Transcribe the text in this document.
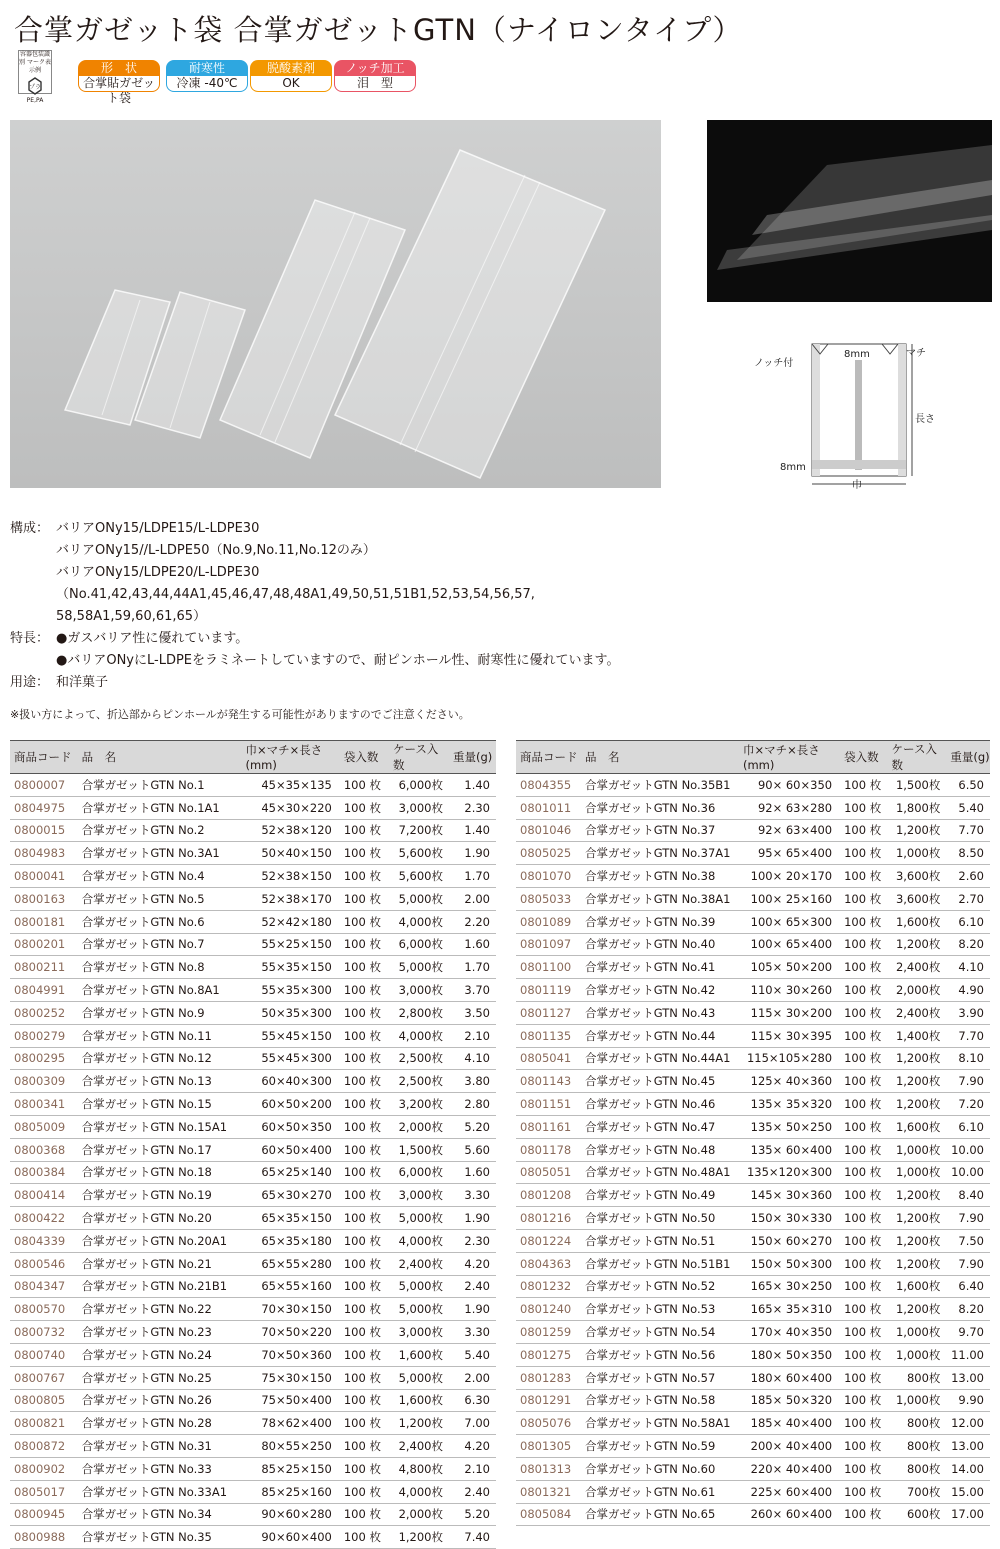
合掌ガゼット袋 合掌ガゼットGTN（ナイロンタイプ）
容器包装識別 マーク表示例
プラ
PE,PA
形　状
合掌貼ガゼット袋
耐寒性
冷凍 -40℃
脱酸素剤
OK
ノッチ加工
泪　型
ノッチ付
8mm	マチ
長さ
8mm
巾
構成： バリアONy15/LDPE15/L-LDPE30
バリアONy15//L-LDPE50（No.9,No.11,No.12のみ）
バリアONy15/LDPE20/L-LDPE30
（No.41,42,43,44,44A1,45,46,47,48,48A1,49,50,51,51B1,52,53,54,56,57,
58,58A1,59,60,61,65）
特長： ●ガスバリア性に優れています。
●バリアONyにL-LDPEをラミネートしていますので、耐ピンホール性、耐寒性に優れています。
用途： 和洋菓子
※扱い方によって、折込部からピンホールが発生する可能性がありますのでご注意ください。
商品コード	品　名	巾×マチ×長さ(mm)	袋入数	ケース入数	重量(g)
0800007	合掌ガゼットGTN No.1	45×35×135	100 枚	6,000枚	1.40
0804975	合掌ガゼットGTN No.1A1	45×30×220	100 枚	3,000枚	2.30
0800015	合掌ガゼットGTN No.2	52×38×120	100 枚	7,200枚	1.40
0804983	合掌ガゼットGTN No.3A1	50×40×150	100 枚	5,600枚	1.90
0800041	合掌ガゼットGTN No.4	52×38×150	100 枚	5,600枚	1.70
0800163	合掌ガゼットGTN No.5	52×38×170	100 枚	5,000枚	2.00
0800181	合掌ガゼットGTN No.6	52×42×180	100 枚	4,000枚	2.20
0800201	合掌ガゼットGTN No.7	55×25×150	100 枚	6,000枚	1.60
0800211	合掌ガゼットGTN No.8	55×35×150	100 枚	5,000枚	1.70
0804991	合掌ガゼットGTN No.8A1	55×35×300	100 枚	3,000枚	3.70
0800252	合掌ガゼットGTN No.9	50×35×300	100 枚	2,800枚	3.50
0800279	合掌ガゼットGTN No.11	55×45×150	100 枚	4,000枚	2.10
0800295	合掌ガゼットGTN No.12	55×45×300	100 枚	2,500枚	4.10
0800309	合掌ガゼットGTN No.13	60×40×300	100 枚	2,500枚	3.80
0800341	合掌ガゼットGTN No.15	60×50×200	100 枚	3,200枚	2.80
0805009	合掌ガゼットGTN No.15A1	60×50×350	100 枚	2,000枚	5.20
0800368	合掌ガゼットGTN No.17	60×50×400	100 枚	1,500枚	5.60
0800384	合掌ガゼットGTN No.18	65×25×140	100 枚	6,000枚	1.60
0800414	合掌ガゼットGTN No.19	65×30×270	100 枚	3,000枚	3.30
0800422	合掌ガゼットGTN No.20	65×35×150	100 枚	5,000枚	1.90
0804339	合掌ガゼットGTN No.20A1	65×35×180	100 枚	4,000枚	2.30
0800546	合掌ガゼットGTN No.21	65×55×280	100 枚	2,400枚	4.20
0804347	合掌ガゼットGTN No.21B1	65×55×160	100 枚	5,000枚	2.40
0800570	合掌ガゼットGTN No.22	70×30×150	100 枚	5,000枚	1.90
0800732	合掌ガゼットGTN No.23	70×50×220	100 枚	3,000枚	3.30
0800740	合掌ガゼットGTN No.24	70×50×360	100 枚	1,600枚	5.40
0800767	合掌ガゼットGTN No.25	75×30×150	100 枚	5,000枚	2.00
0800805	合掌ガゼットGTN No.26	75×50×400	100 枚	1,600枚	6.30
0800821	合掌ガゼットGTN No.28	78×62×400	100 枚	1,200枚	7.00
0800872	合掌ガゼットGTN No.31	80×55×250	100 枚	2,400枚	4.20
0800902	合掌ガゼットGTN No.33	85×25×150	100 枚	4,800枚	2.10
0805017	合掌ガゼットGTN No.33A1	85×25×160	100 枚	4,000枚	2.40
0800945	合掌ガゼットGTN No.34	90×60×280	100 枚	2,000枚	5.20
0800988	合掌ガゼットGTN No.35	90×60×400	100 枚	1,200枚	7.40
商品コード	品　名	巾×マチ×長さ(mm)	袋入数	ケース入数	重量(g)
0804355	合掌ガゼットGTN No.35B1	90× 60×350	100 枚	1,500枚	6.50
0801011	合掌ガゼットGTN No.36	92× 63×280	100 枚	1,800枚	5.40
0801046	合掌ガゼットGTN No.37	92× 63×400	100 枚	1,200枚	7.70
0805025	合掌ガゼットGTN No.37A1	95× 65×400	100 枚	1,000枚	8.50
0801070	合掌ガゼットGTN No.38	100× 20×170	100 枚	3,600枚	2.60
0805033	合掌ガゼットGTN No.38A1	100× 25×160	100 枚	3,600枚	2.70
0801089	合掌ガゼットGTN No.39	100× 65×300	100 枚	1,600枚	6.10
0801097	合掌ガゼットGTN No.40	100× 65×400	100 枚	1,200枚	8.20
0801100	合掌ガゼットGTN No.41	105× 50×200	100 枚	2,400枚	4.10
0801119	合掌ガゼットGTN No.42	110× 30×260	100 枚	2,000枚	4.90
0801127	合掌ガゼットGTN No.43	115× 30×200	100 枚	2,400枚	3.90
0801135	合掌ガゼットGTN No.44	115× 30×395	100 枚	1,400枚	7.70
0805041	合掌ガゼットGTN No.44A1	115×105×280	100 枚	1,200枚	8.10
0801143	合掌ガゼットGTN No.45	125× 40×360	100 枚	1,200枚	7.90
0801151	合掌ガゼットGTN No.46	135× 35×320	100 枚	1,200枚	7.20
0801161	合掌ガゼットGTN No.47	135× 50×250	100 枚	1,600枚	6.10
0801178	合掌ガゼットGTN No.48	135× 60×400	100 枚	1,000枚	10.00
0805051	合掌ガゼットGTN No.48A1	135×120×300	100 枚	1,000枚	10.00
0801208	合掌ガゼットGTN No.49	145× 30×360	100 枚	1,200枚	8.40
0801216	合掌ガゼットGTN No.50	150× 30×330	100 枚	1,200枚	7.90
0801224	合掌ガゼットGTN No.51	150× 60×270	100 枚	1,200枚	7.50
0804363	合掌ガゼットGTN No.51B1	150× 50×300	100 枚	1,200枚	7.90
0801232	合掌ガゼットGTN No.52	165× 30×250	100 枚	1,600枚	6.40
0801240	合掌ガゼットGTN No.53	165× 35×310	100 枚	1,200枚	8.20
0801259	合掌ガゼットGTN No.54	170× 40×350	100 枚	1,000枚	9.70
0801275	合掌ガゼットGTN No.56	180× 50×350	100 枚	1,000枚	11.00
0801283	合掌ガゼットGTN No.57	180× 60×400	100 枚	800枚	13.00
0801291	合掌ガゼットGTN No.58	185× 50×320	100 枚	1,000枚	9.90
0805076	合掌ガゼットGTN No.58A1	185× 40×400	100 枚	800枚	12.00
0801305	合掌ガゼットGTN No.59	200× 40×400	100 枚	800枚	13.00
0801313	合掌ガゼットGTN No.60	220× 40×400	100 枚	800枚	14.00
0801321	合掌ガゼットGTN No.61	225× 60×400	100 枚	700枚	15.00
0805084	合掌ガゼットGTN No.65	260× 60×400	100 枚	600枚	17.00
